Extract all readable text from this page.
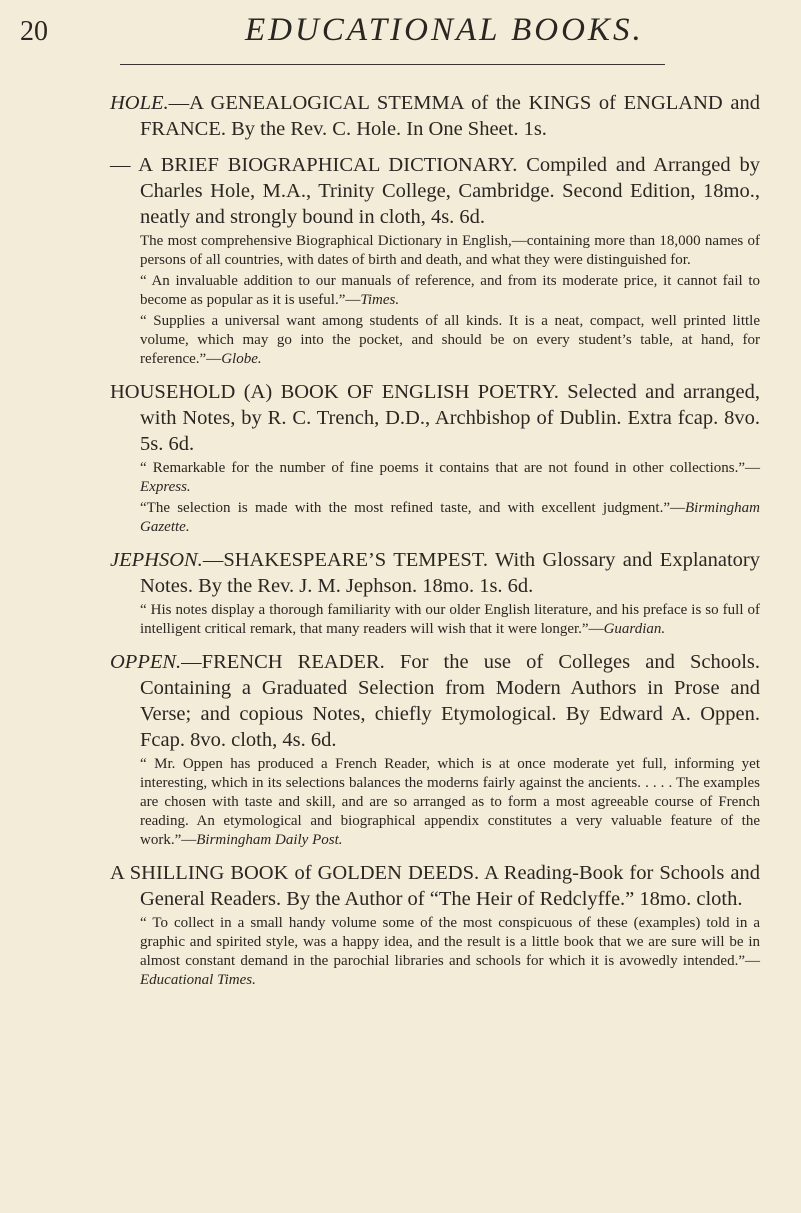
20	EDUCATIONAL BOOKS.

HOLE.—A GENEALOGICAL STEMMA of the KINGS of ENGLAND and FRANCE. By the Rev. C. Hole. In One Sheet. 1s.

— A BRIEF BIOGRAPHICAL DICTIONARY. Compiled and Arranged by Charles Hole, M.A., Trinity College, Cambridge. Second Edition, 18mo., neatly and strongly bound in cloth, 4s. 6d.

The most comprehensive Biographical Dictionary in English,—containing more than 18,000 names of persons of all countries, with dates of birth and death, and what they were distinguished for.

“ An invaluable addition to our manuals of reference, and from its moderate price, it cannot fail to become as popular as it is useful.”—Times.

“ Supplies a universal want among students of all kinds. It is a neat, compact, well printed little volume, which may go into the pocket, and should be on every student’s table, at hand, for reference.”—Globe.

HOUSEHOLD (A) BOOK OF ENGLISH POETRY. Selected and arranged, with Notes, by R. C. Trench, D.D., Archbishop of Dublin. Extra fcap. 8vo. 5s. 6d.

“ Remarkable for the number of fine poems it contains that are not found in other collections.”—Express.

“The selection is made with the most refined taste, and with excellent judgment.”—Birmingham Gazette.

JEPHSON.—SHAKESPEARE’S TEMPEST. With Glossary and Explanatory Notes. By the Rev. J. M. Jephson. 18mo. 1s. 6d.

“ His notes display a thorough familiarity with our older English literature, and his preface is so full of intelligent critical remark, that many readers will wish that it were longer.”—Guardian.

OPPEN.—FRENCH READER. For the use of Colleges and Schools. Containing a Graduated Selection from Modern Authors in Prose and Verse; and copious Notes, chiefly Etymological. By Edward A. Oppen. Fcap. 8vo. cloth, 4s. 6d.

“ Mr. Oppen has produced a French Reader, which is at once moderate yet full, informing yet interesting, which in its selections balances the moderns fairly against the ancients. . . . . The examples are chosen with taste and skill, and are so arranged as to form a most agreeable course of French reading. An etymological and biographical appendix constitutes a very valuable feature of the work.”—Birmingham Daily Post.

A SHILLING BOOK of GOLDEN DEEDS. A Reading-Book for Schools and General Readers. By the Author of “The Heir of Redclyffe.” 18mo. cloth.

“ To collect in a small handy volume some of the most conspicuous of these (examples) told in a graphic and spirited style, was a happy idea, and the result is a little book that we are sure will be in almost constant demand in the parochial libraries and schools for which it is avowedly intended.”—Educational Times.
